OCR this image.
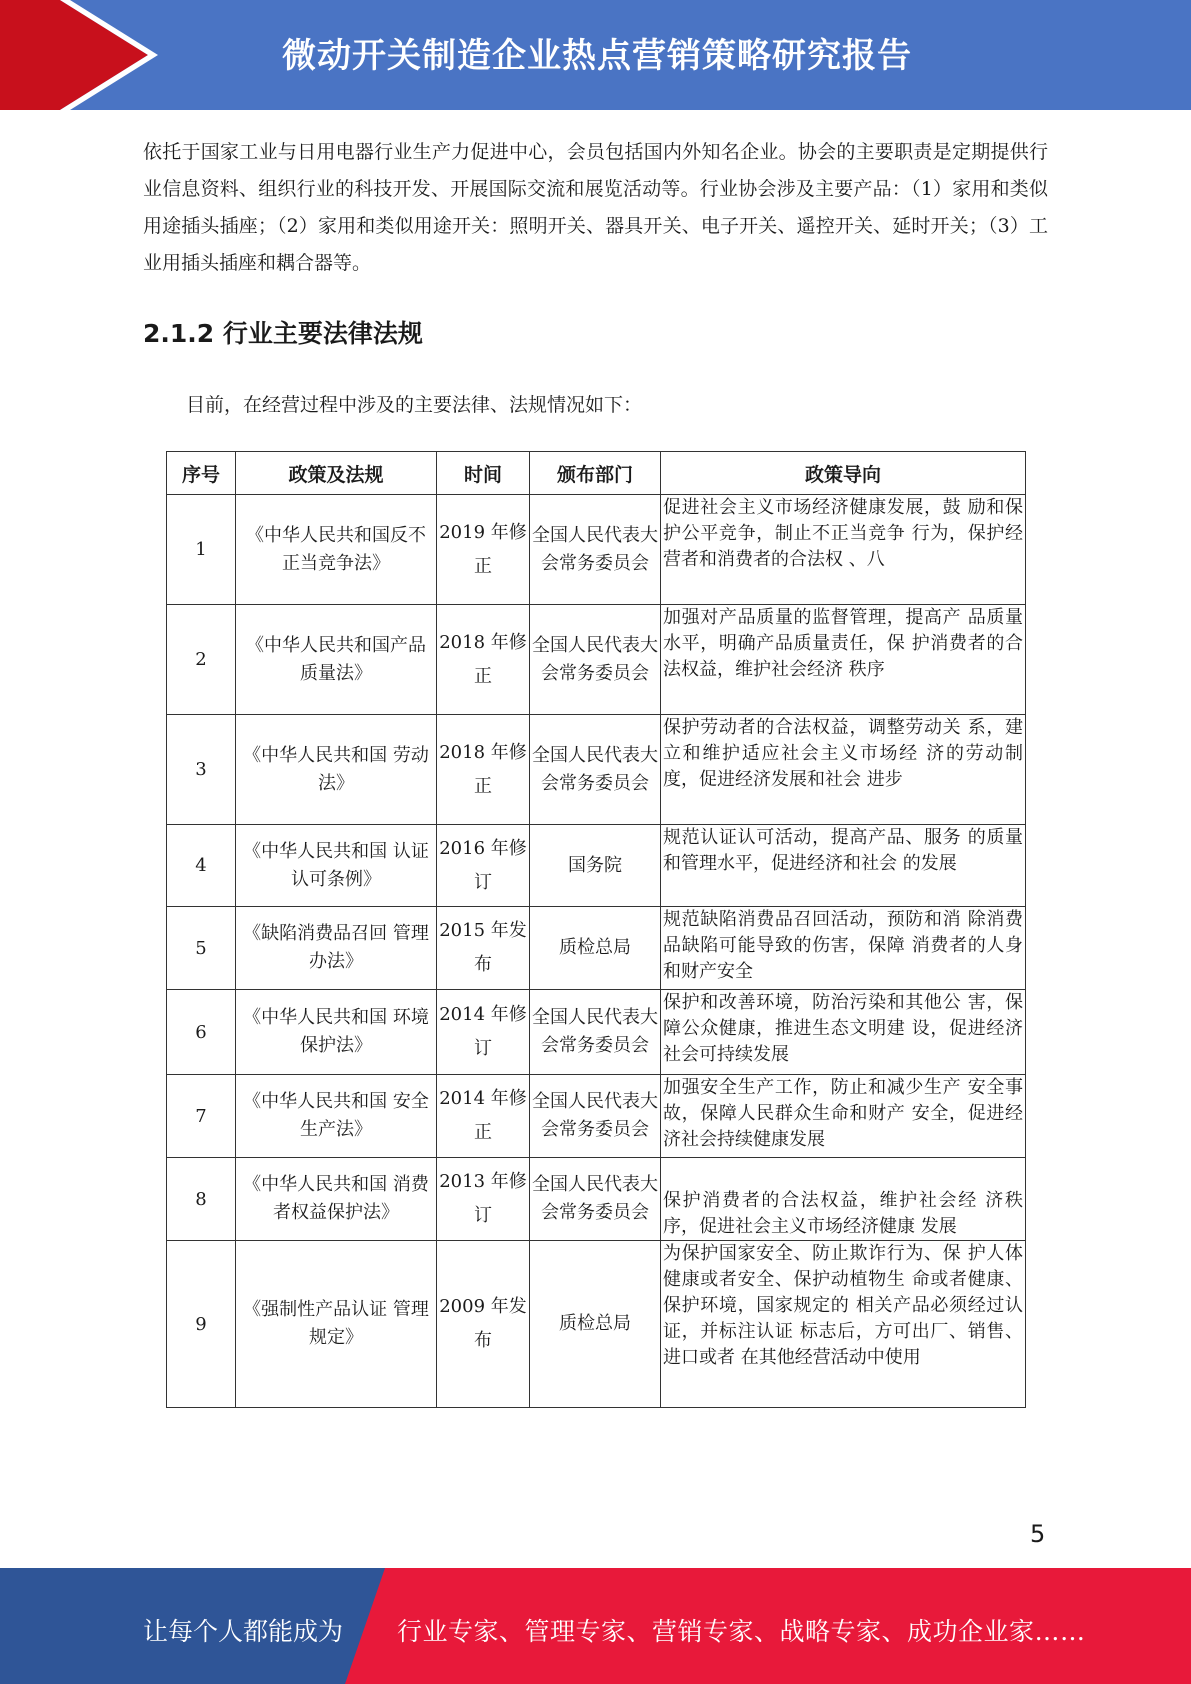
微动开关制造企业热点营销策略研究报告
依托于国家工业与日用电器行业生产力促进中心，会员包括国内外知名企业。协会的主要职责是定期提供行业信息资料、组织行业的科技开发、开展国际交流和展览活动等。行业协会涉及主要产品：（1）家用和类似用途插头插座；（2）家用和类似用途开关：照明开关、器具开关、电子开关、遥控开关、延时开关；（3）工业用插头插座和耦合器等。
2.1.2 行业主要法律法规
目前，在经营过程中涉及的主要法律、法规情况如下：
序号	政策及法规	时间	颁布部门	政策导向
1	《中华人民共和国反不正当竞争法》	2019 年修正	全国人民代表大会常务委员会	促进社会主义市场经济健康发展，鼓 励和保护公平竞争，制止不正当竞争 行为，保护经营者和消费者的合法权 、八
2	《中华人民共和国产品质量法》	2018 年修正	全国人民代表大会常务委员会	加强对产品质量的监督管理，提高产 品质量水平，明确产品质量责任，保 护消费者的合法权益，维护社会经济 秩序
3	《中华人民共和国 劳动法》	2018 年修正	全国人民代表大会常务委员会	保护劳动者的合法权益，调整劳动关 系，建立和维护适应社会主义市场经 济的劳动制度，促进经济发展和社会 进步
4	《中华人民共和国 认证认可条例》	2016 年修订	国务院	规范认证认可活动，提高产品、服务 的质量和管理水平，促进经济和社会 的发展
5	《缺陷消费品召回 管理办法》	2015 年发布	质检总局	规范缺陷消费品召回活动，预防和消 除消费品缺陷可能导致的伤害，保障 消费者的人身和财产安全
6	《中华人民共和国 环境保护法》	2014 年修订	全国人民代表大会常务委员会	保护和改善环境，防治污染和其他公 害，保障公众健康，推进生态文明建 设，促进经济社会可持续发展
7	《中华人民共和国 安全生产法》	2014 年修正	全国人民代表大会常务委员会	加强安全生产工作，防止和减少生产 安全事故，保障人民群众生命和财产 安全，促进经济社会持续健康发展
8	《中华人民共和国 消费者权益保护法》	2013 年修订	全国人民代表大会常务委员会	保护消费者的合法权益，维护社会经 济秩序，促进社会主义市场经济健康 发展
9	《强制性产品认证 管理规定》	2009 年发布	质检总局	为保护国家安全、防止欺诈行为、保 护人体健康或者安全、保护动植物生 命或者健康、保护环境，国家规定的 相关产品必须经过认证，并标注认证 标志后，方可出厂、销售、进口或者 在其他经营活动中使用
5
让每个人都能成为 行业专家、管理专家、营销专家、战略专家、成功企业家……
